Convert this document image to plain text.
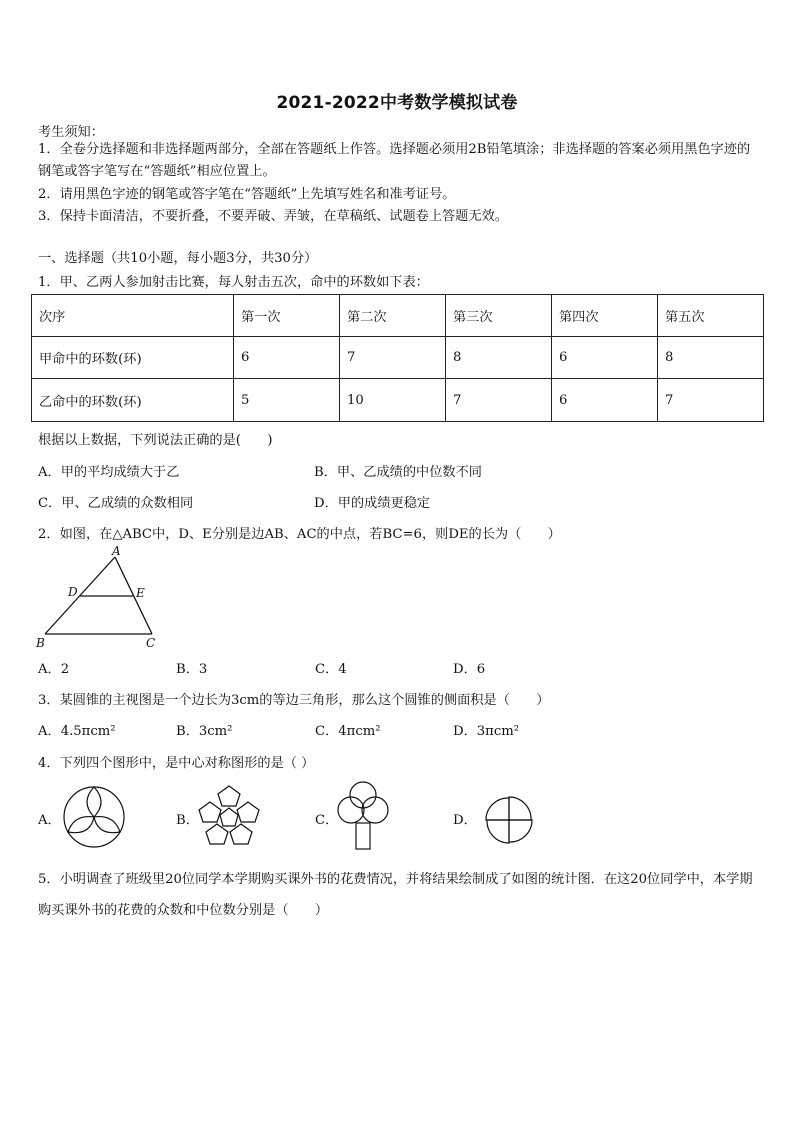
2021-2022中考数学模拟试卷
考生须知：
1．全卷分选择题和非选择题两部分，全部在答题纸上作答。选择题必须用2B铅笔填涂；非选择题的答案必须用黑色字迹的钢笔或答字笔写在“答题纸”相应位置上。
2．请用黑色字迹的钢笔或答字笔在“答题纸”上先填写姓名和准考证号。
3．保持卡面清洁，不要折叠，不要弄破、弄皱，在草稿纸、试题卷上答题无效。
一、选择题（共10小题，每小题3分，共30分）
1．甲、乙两人参加射击比赛，每人射击五次，命中的环数如下表：
次序	第一次	第二次	第三次	第四次	第五次
甲命中的环数(环)	6	7	8	6	8
乙命中的环数(环)	5	10	7	6	7
根据以上数据，下列说法正确的是(　　)
A．甲的平均成绩大于乙	B．甲、乙成绩的中位数不同
C．甲、乙成绩的众数相同	D．甲的成绩更稳定
2．如图，在△ABC中，D、E分别是边AB、AC的中点，若BC=6，则DE的长为（　　）
A
B	C
D	E
A．2	B．3	C．4	D．6
3．某圆锥的主视图是一个边长为3cm的等边三角形，那么这个圆锥的侧面积是（　　）
A．4.5πcm²	B．3cm²	C．4πcm²	D．3πcm²
4．下列四个图形中，是中心对称图形的是（ ）
A．	B．	C．	D．
5．小明调查了班级里20位同学本学期购买课外书的花费情况，并将结果绘制成了如图的统计图．在这20位同学中，本学期购买课外书的花费的众数和中位数分别是（　　）
